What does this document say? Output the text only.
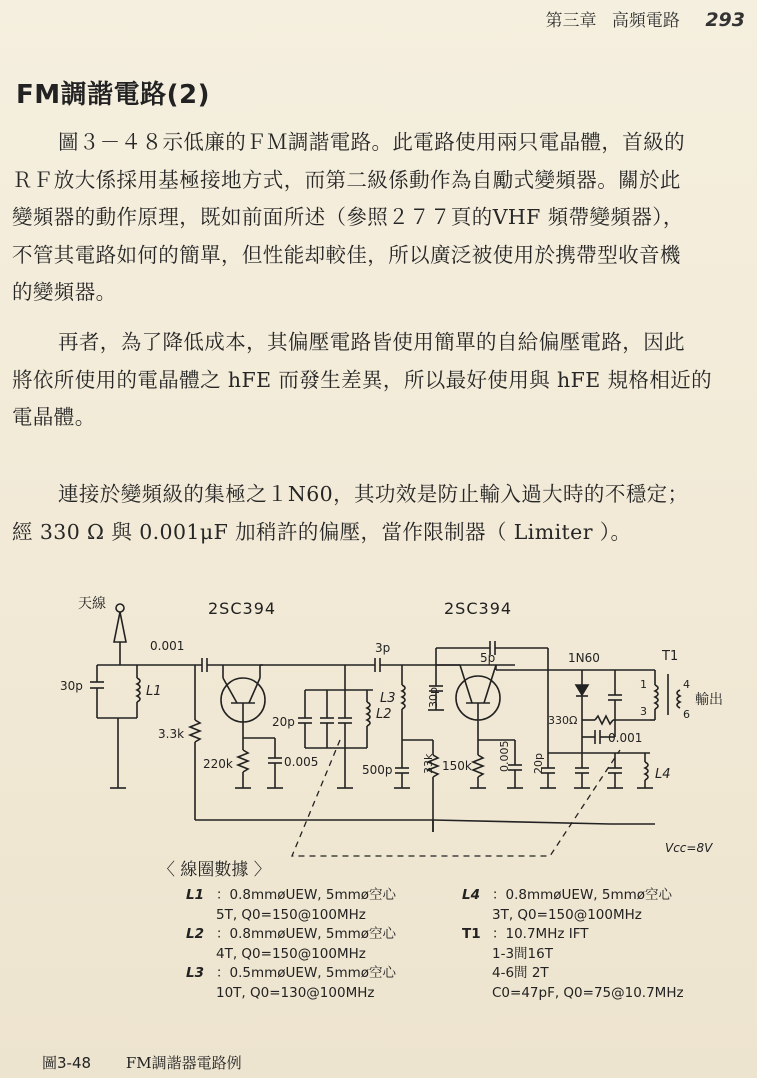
第三章 高頻電路 293
FM調諧電路(2)
圖３－４８示低廉的ＦＭ調諧電路。此電路使用兩只電晶體，首級的
ＲＦ放大係採用基極接地方式，而第二級係動作為自勵式變頻器。關於此
變頻器的動作原理，既如前面所述（參照２７７頁的VHF 頻帶變頻器），
不管其電路如何的簡單，但性能却較佳，所以廣泛被使用於携帶型收音機
的變頻器。
再者，為了降低成本，其偏壓電路皆使用簡單的自給偏壓電路，因此
將依所使用的電晶體之 hFE 而發生差異，所以最好使用與 hFE 規格相近的
電晶體。
連接於變頻級的集極之１N60，其功效是防止輸入過大時的不穩定；
經 330 Ω 與 0.001μF 加稍許的偏壓，當作限制器（ Limiter ）。
天線	2SC394	2SC394
0.001
30p	L1
3.3k
220k	0.005
20p	L2
3p
L3	30p
500p	33k
5p
150k 0.005 20p
1N60
330Ω
0.001
L4
T1
1
3
4
6
輸出
Vcc=8V
〈 線圈數據 〉
L1 ：0.8mmøUEW, 5mmø空心
5T, Q0=150@100MHz
L2 ：0.8mmøUEW, 5mmø空心
4T, Q0=150@100MHz
L3 ：0.5mmøUEW, 5mmø空心
10T, Q0=130@100MHz
L4 ：0.8mmøUEW, 5mmø空心
3T, Q0=150@100MHz
T1 ：10.7MHz IFT
1-3間16T
4-6間 2T
C0=47pF, Q0=75@10.7MHz
圖3-48 FM調諧器電路例
